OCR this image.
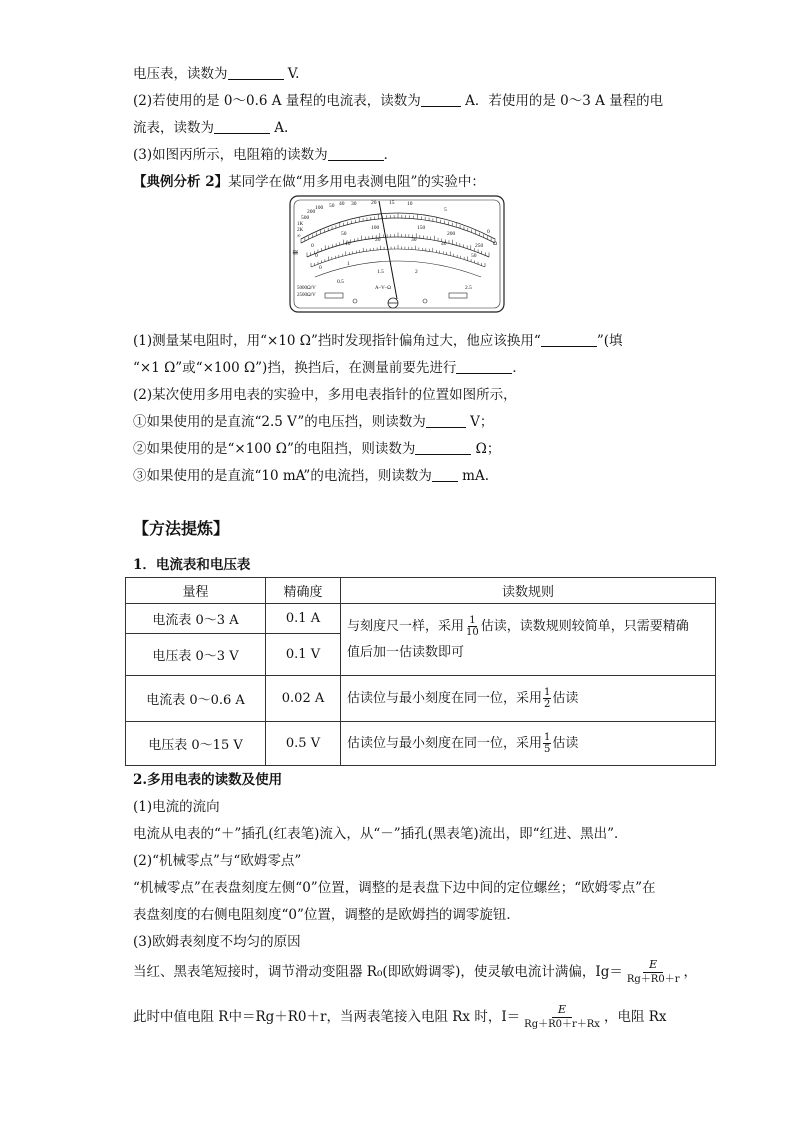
电压表，读数为	V.
(2)若使用的是 0～0.6 A 量程的电流表，读数为	A．若使用的是 0～3 A 量程的电
流表，读数为	A.
(3)如图丙所示，电阻箱的读数为	．
【典例分析 2】某同学在做“用多用电表测电阻”的实验中：
500
200
100 50 40 30	20 15 10
5
0
Ω
1K
2K
∞
≅
0
50
100	150
200
250
0
10
20	30
40
50
0
0.5
1
1.5	2
2.5
5000Ω/V
2500Ω/V
A–V–Ω
(1)测量某电阻时，用“×10 Ω”挡时发现指针偏角过大，他应该换用“	”(填
“×1 Ω”或“×100 Ω”)挡，换挡后，在测量前要先进行	．
(2)某次使用多用电表的实验中，多用电表指针的位置如图所示，
①如果使用的是直流“2.5 V”的电压挡，则读数为	V；
②如果使用的是“×100 Ω”的电阻挡，则读数为	Ω；
③如果使用的是直流“10 mA”的电流挡，则读数为 mA.
【方法提炼】
1．电流表和电压表
量程	精确度	读数规则
电流表 0～3 A	0.1 A	与刻度尺一样，采用 $\frac{1}{10}$ 估读，读数规则较简单，只需要精确
值后加一估读数即可
电压表 0～3 V	0.1 V	
电流表 0～0.6 A	0.02 A	估读位与最小刻度在同一位，采用 $\frac{1}{2}$ 估读
电压表 0～15 V	0.5 V	估读位与最小刻度在同一位，采用 $\frac{1}{5}$ 估读
2.多用电表的读数及使用
(1)电流的流向
电流从电表的“＋”插孔(红表笔)流入，从“－”插孔(黑表笔)流出，即“红进、黑出”．
(2)“机械零点”与“欧姆零点”
“机械零点”在表盘刻度左侧“0”位置，调整的是表盘下边中间的定位螺丝；“欧姆零点”在
表盘刻度的右侧电阻刻度“0”位置，调整的是欧姆挡的调零旋钮．
(3)欧姆表刻度不均匀的原因
当红、黑表笔短接时，调节滑动变阻器 R₀(即欧姆调零)，使灵敏电流计满偏，$Ig= \frac{E}{Rg+R0+r}$ ，
此时中值电阻 R中＝Rg＋R0＋r，当两表笔接入电阻 Rx 时，$I= \frac{E}{Rg+R0+r+Rx}$ ，电阻 Rx
